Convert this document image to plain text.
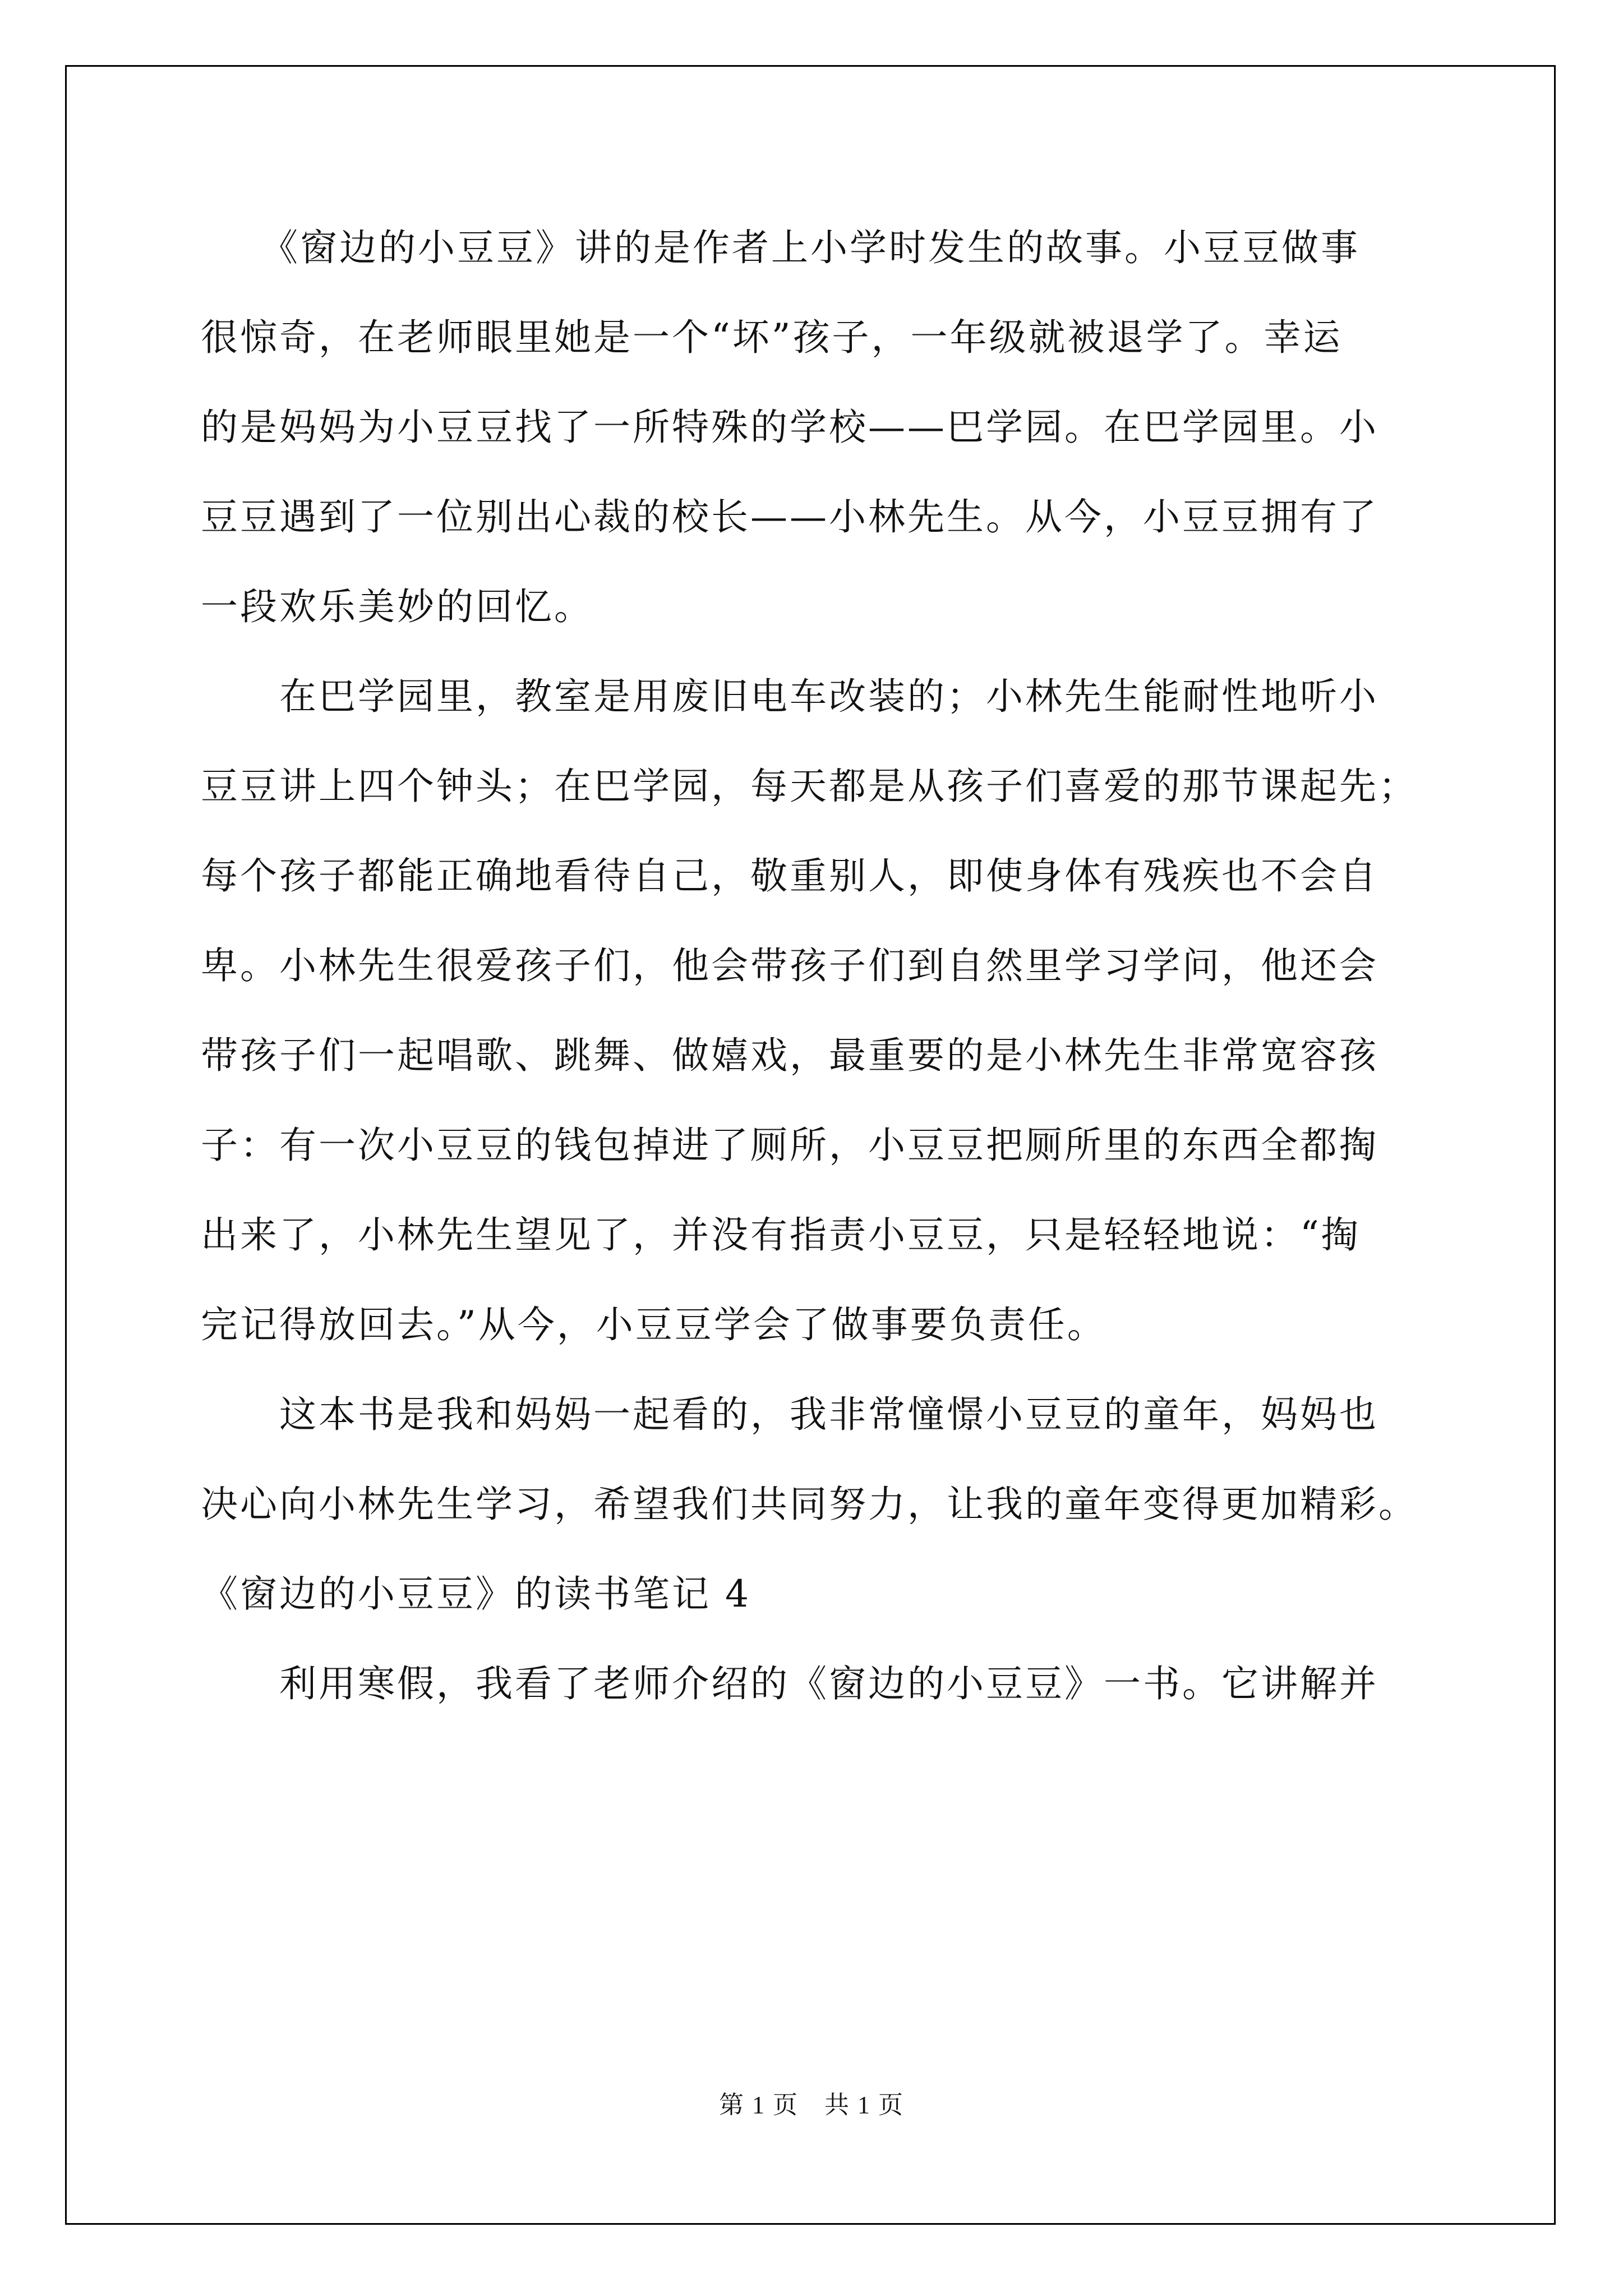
　　《窗边的小豆豆》讲的是作者上小学时发生的故事。小豆豆做事
很惊奇，在老师眼里她是一个“坏”孩子，一年级就被退学了。幸运
的是妈妈为小豆豆找了一所特殊的学校——巴学园。在巴学园里。小
豆豆遇到了一位别出心裁的校长——小林先生。从今，小豆豆拥有了
一段欢乐美妙的回忆。
　　在巴学园里，教室是用废旧电车改装的；小林先生能耐性地听小
豆豆讲上四个钟头；在巴学园，每天都是从孩子们喜爱的那节课起先；
每个孩子都能正确地看待自己，敬重别人，即使身体有残疾也不会自
卑。小林先生很爱孩子们，他会带孩子们到自然里学习学问，他还会
带孩子们一起唱歌、跳舞、做嬉戏，最重要的是小林先生非常宽容孩
子：有一次小豆豆的钱包掉进了厕所，小豆豆把厕所里的东西全都掏
出来了，小林先生望见了，并没有指责小豆豆，只是轻轻地说：“掏
完记得放回去。”从今，小豆豆学会了做事要负责任。
　　这本书是我和妈妈一起看的，我非常憧憬小豆豆的童年，妈妈也
决心向小林先生学习，希望我们共同努力，让我的童年变得更加精彩。
《窗边的小豆豆》的读书笔记 4
　　利用寒假，我看了老师介绍的《窗边的小豆豆》一书。它讲解并
第 1 页　共 1 页
